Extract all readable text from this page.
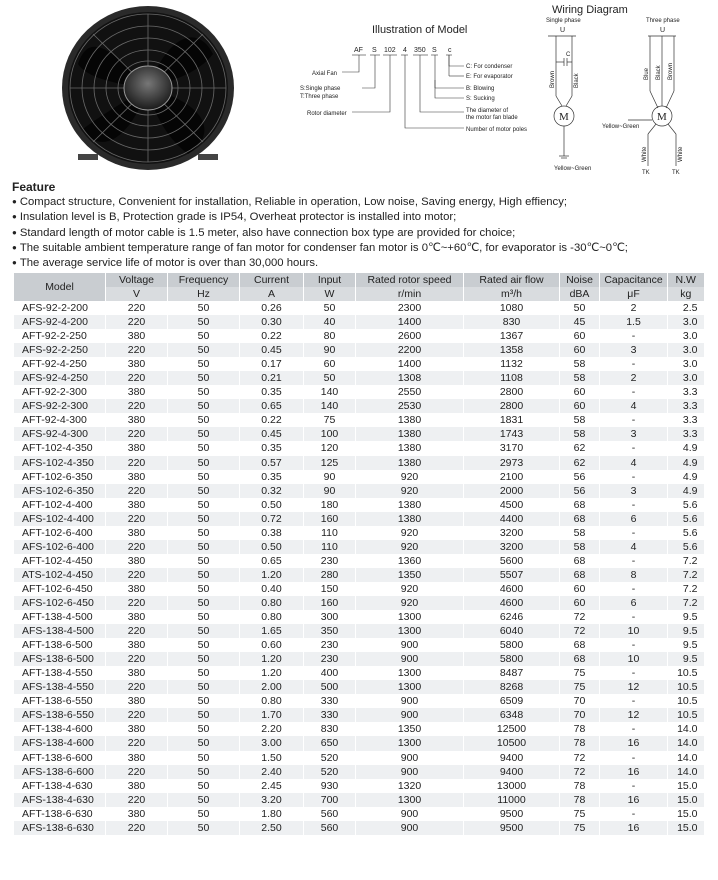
Illustration of Model
AF S 102 4 350 S c
Axial Fan
S:Single phase
T:Three phase
Rotor diameter
C: For condenser
E: For evaporator
B: Blowing
S: Sucking
The diameter of
the motor fan blade
Number of motor poles
Wiring Diagram
Single phase	Three phase
U	U
C
M	M
Brown	Black
Yellow~Green
Blue Black Brown
Yellow~Green
White	White
TK	TK
Feature
● Compact structure, Convenient for installation, Reliable in operation, Low noise, Saving energy, High effiency;
● Insulation level is B, Protection grade is IP54, Overheat protector is installed into motor;
● Standard length of motor cable is 1.5 meter, also have connection box type are provided for choice;
● The suitable ambient temperature range of fan motor for condenser fan motor is 0℃~+60℃, for evaporator is -30℃~0℃;
● The average service life of motor is over than 30,000 hours.
Model	Voltage	Frequency	Current	Input	Rated rotor speed	Rated air flow	Noise	Capacitance	N.W
	V	Hz	A	W	r/min	m³/h	dBA	μF	kg
AFS-92-2-200	220	50	0.26	50	2300	1080	50	2	2.5
AFS-92-4-200	220	50	0.30	40	1400	830	45	1.5	3.0
AFT-92-2-250	380	50	0.22	80	2600	1367	60	-	3.0
AFS-92-2-250	220	50	0.45	90	2200	1358	60	3	3.0
AFT-92-4-250	380	50	0.17	60	1400	1132	58	-	3.0
AFS-92-4-250	220	50	0.21	50	1308	1108	58	2	3.0
AFT-92-2-300	380	50	0.35	140	2550	2800	60	-	3.3
AFS-92-2-300	220	50	0.65	140	2530	2800	60	4	3.3
AFT-92-4-300	380	50	0.22	75	1380	1831	58	-	3.3
AFS-92-4-300	220	50	0.45	100	1380	1743	58	3	3.3
AFT-102-4-350	380	50	0.35	120	1380	3170	62	-	4.9
AFS-102-4-350	220	50	0.57	125	1380	2973	62	4	4.9
AFT-102-6-350	380	50	0.35	90	920	2100	56	-	4.9
AFS-102-6-350	220	50	0.32	90	920	2000	56	3	4.9
AFT-102-4-400	380	50	0.50	180	1380	4500	68	-	5.6
AFS-102-4-400	220	50	0.72	160	1380	4400	68	6	5.6
AFT-102-6-400	380	50	0.38	110	920	3200	58	-	5.6
AFS-102-6-400	220	50	0.50	110	920	3200	58	4	5.6
AFT-102-4-450	380	50	0.65	230	1360	5600	68	-	7.2
ATS-102-4-450	220	50	1.20	280	1350	5507	68	8	7.2
AFT-102-6-450	380	50	0.40	150	920	4600	60	-	7.2
AFS-102-6-450	220	50	0.80	160	920	4600	60	6	7.2
AFT-138-4-500	380	50	0.80	300	1300	6246	72	-	9.5
AFS-138-4-500	220	50	1.65	350	1300	6040	72	10	9.5
AFT-138-6-500	380	50	0.60	230	900	5800	68	-	9.5
AFS-138-6-500	220	50	1.20	230	900	5800	68	10	9.5
AFT-138-4-550	380	50	1.20	400	1300	8487	75	-	10.5
AFS-138-4-550	220	50	2.00	500	1300	8268	75	12	10.5
AFT-138-6-550	380	50	0.80	330	900	6509	70	-	10.5
AFS-138-6-550	220	50	1.70	330	900	6348	70	12	10.5
AFT-138-4-600	380	50	2.20	830	1350	12500	78	-	14.0
AFS-138-4-600	220	50	3.00	650	1300	10500	78	16	14.0
AFT-138-6-600	380	50	1.50	520	900	9400	72	-	14.0
AFS-138-6-600	220	50	2.40	520	900	9400	72	16	14.0
AFT-138-4-630	380	50	2.45	930	1320	13000	78	-	15.0
AFS-138-4-630	220	50	3.20	700	1300	11000	78	16	15.0
AFT-138-6-630	380	50	1.80	560	900	9500	75	-	15.0
AFS-138-6-630	220	50	2.50	560	900	9500	75	16	15.0
